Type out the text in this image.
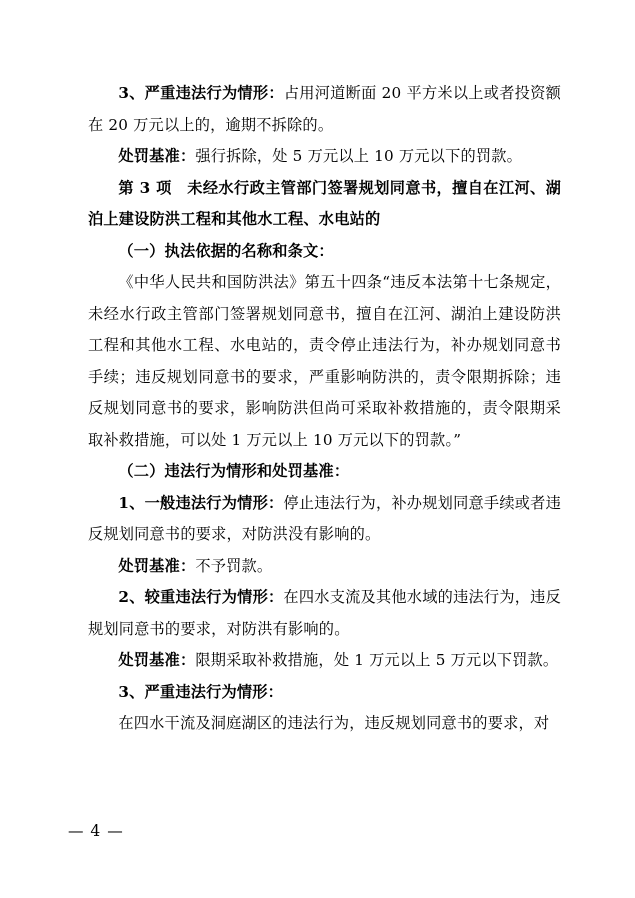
3、严重违法行为情形：占用河道断面 20 平方米以上或者投资额在 20 万元以上的，逾期不拆除的。

处罚基准：强行拆除，处 5 万元以上 10 万元以下的罚款。

第 3 项　未经水行政主管部门签署规划同意书，擅自在江河、湖泊上建设防洪工程和其他水工程、水电站的

（一）执法依据的名称和条文：

《中华人民共和国防洪法》第五十四条“违反本法第十七条规定，未经水行政主管部门签署规划同意书，擅自在江河、湖泊上建设防洪工程和其他水工程、水电站的，责令停止违法行为，补办规划同意书手续；违反规划同意书的要求，严重影响防洪的，责令限期拆除；违反规划同意书的要求，影响防洪但尚可采取补救措施的，责令限期采取补救措施，可以处 1 万元以上 10 万元以下的罚款。”

（二）违法行为情形和处罚基准：

1、一般违法行为情形：停止违法行为，补办规划同意手续或者违反规划同意书的要求，对防洪没有影响的。

处罚基准：不予罚款。

2、较重违法行为情形：在四水支流及其他水域的违法行为，违反规划同意书的要求，对防洪有影响的。

处罚基准：限期采取补救措施，处 1 万元以上 5 万元以下罚款。

3、严重违法行为情形：

在四水干流及洞庭湖区的违法行为，违反规划同意书的要求，对

— 4 —
